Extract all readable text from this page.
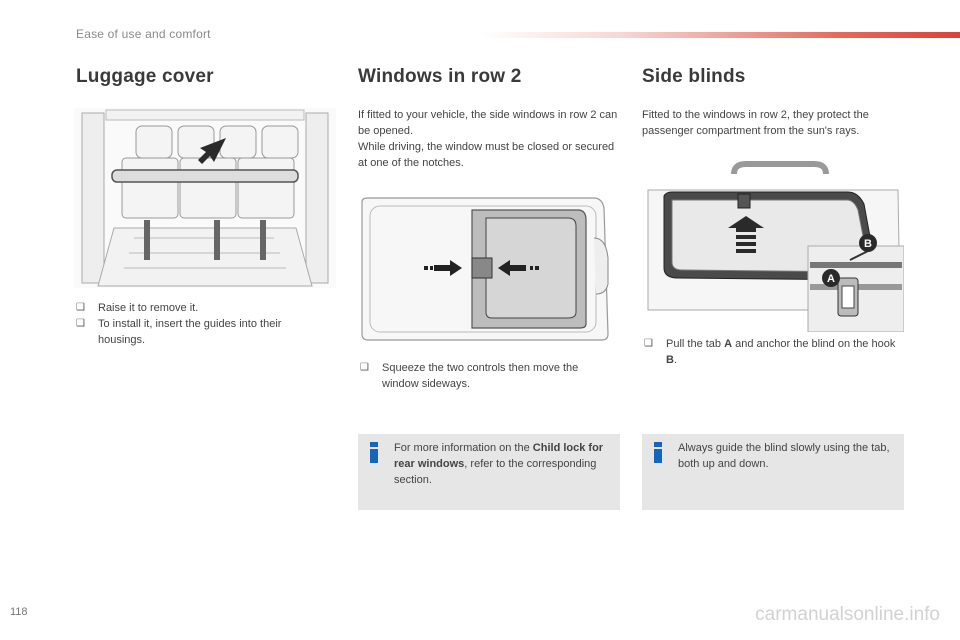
Ease of use and comfort
Luggage cover
❑	Raise it to remove it.
❑	To install it, insert the guides into their housings.
Windows in row 2
If fitted to your vehicle, the side windows in row 2 can be opened.
While driving, the window must be closed or secured at one of the notches.
❑	Squeeze the two controls then move the window sideways.
For more information on the Child lock for rear windows, refer to the corresponding section.
Side blinds
Fitted to the windows in row 2, they protect the passenger compartment from the sun's rays.
B
A
❑	Pull the tab A and anchor the blind on the hook B.
Always guide the blind slowly using the tab, both up and down.
118	carmanualsonline.info
